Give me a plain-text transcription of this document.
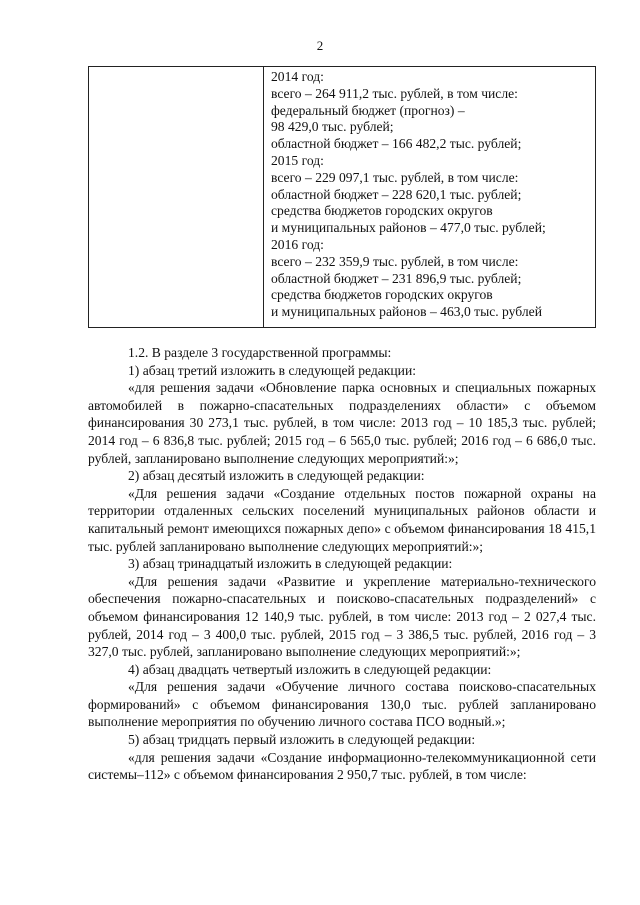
2
2014 год:
всего – 264 911,2 тыс. рублей, в том числе:
федеральный бюджет (прогноз) –
98 429,0 тыс. рублей;
областной бюджет – 166 482,2 тыс. рублей;
2015 год:
всего – 229 097,1 тыс. рублей, в том числе:
областной бюджет – 228 620,1 тыс. рублей;
средства бюджетов городских округов
и муниципальных районов – 477,0 тыс. рублей;
2016 год:
всего – 232 359,9 тыс. рублей, в том числе:
областной бюджет – 231 896,9 тыс. рублей;
средства бюджетов городских округов
и муниципальных районов – 463,0 тыс. рублей

1.2. В разделе 3 государственной программы:

1) абзац третий изложить в следующей редакции:

«для решения задачи «Обновление парка основных и специальных пожарных автомобилей в пожарно-спасательных подразделениях области» с объемом финансирования 30 273,1 тыс. рублей, в том числе: 2013 год – 10 185,3 тыс. рублей; 2014 год – 6 836,8 тыс. рублей; 2015 год – 6 565,0 тыс. рублей; 2016 год – 6 686,0 тыс. рублей, запланировано выполнение следующих мероприятий:»;

2) абзац десятый изложить в следующей редакции:

«Для решения задачи «Создание отдельных постов пожарной охраны на территории отдаленных сельских поселений муниципальных районов области и капитальный ремонт имеющихся пожарных депо» с объемом финансирования 18 415,1 тыс. рублей запланировано выполнение следующих мероприятий:»;

3) абзац тринадцатый изложить в следующей редакции:

«Для решения задачи «Развитие и укрепление материально-технического обеспечения пожарно-спасательных и поисково-спасательных подразделений» с объемом финансирования 12 140,9 тыс. рублей, в том числе: 2013 год – 2 027,4 тыс. рублей, 2014 год – 3 400,0 тыс. рублей, 2015 год – 3 386,5 тыс. рублей, 2016 год – 3 327,0 тыс. рублей, запланировано выполнение следующих мероприятий:»;

4) абзац двадцать четвертый изложить в следующей редакции:

«Для решения задачи «Обучение личного состава поисково-спасательных формирований» с объемом финансирования 130,0 тыс. рублей запланировано выполнение мероприятия по обучению личного состава ПСО водный.»;

5) абзац тридцать первый изложить в следующей редакции:

«для решения задачи «Создание информационно-телекоммуникационной сети системы–112» с объемом финансирования 2 950,7 тыс. рублей, в том числе:
